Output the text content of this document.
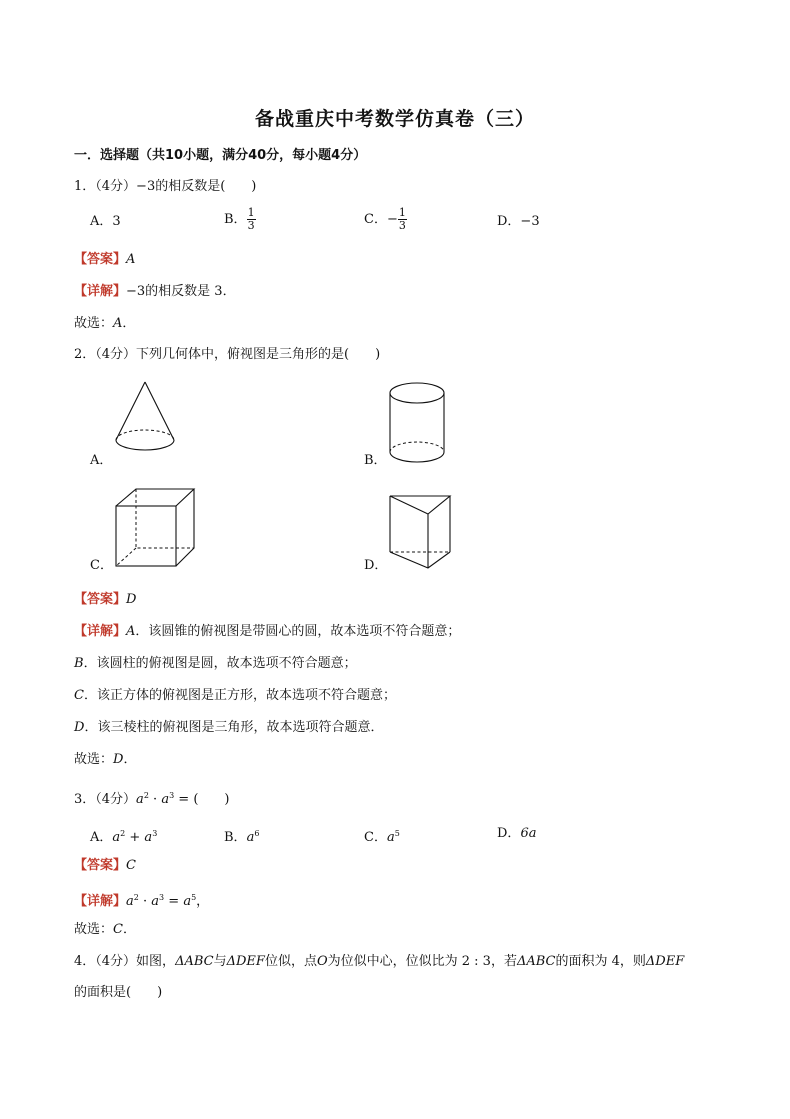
备战重庆中考数学仿真卷（三）
一．选择题（共10小题，满分40分，每小题4分）
1．（4分）−3的相反数是(　　)
A．3	B． $\frac{1}{3}$	C．− $\frac{1}{3}$	D．−3
【答案】A
【详解】−3的相反数是 3．
故选：A．
2．（4分）下列几何体中，俯视图是三角形的是(　　)
A．	B．
C．	D．
【答案】D
【详解】A．该圆锥的俯视图是带圆心的圆，故本选项不符合题意；
B．该圆柱的俯视图是圆，故本选项不符合题意；
C．该正方体的俯视图是正方形，故本选项不符合题意；
D．该三棱柱的俯视图是三角形，故本选项符合题意．
故选：D．
3．（4分）$a^2 \cdot a^3$ = (　　)
A．$a^2 + a^3$	B．$a^6$	C．$a^5$	D．6a
【答案】C
【详解】$a^2 \cdot a^3 = a^5$，
故选：C．
4．（4分）如图，ΔABC与ΔDEF位似，点O为位似中心，位似比为 2 : 3，若ΔABC的面积为 4，则ΔDEF
的面积是(　　)
